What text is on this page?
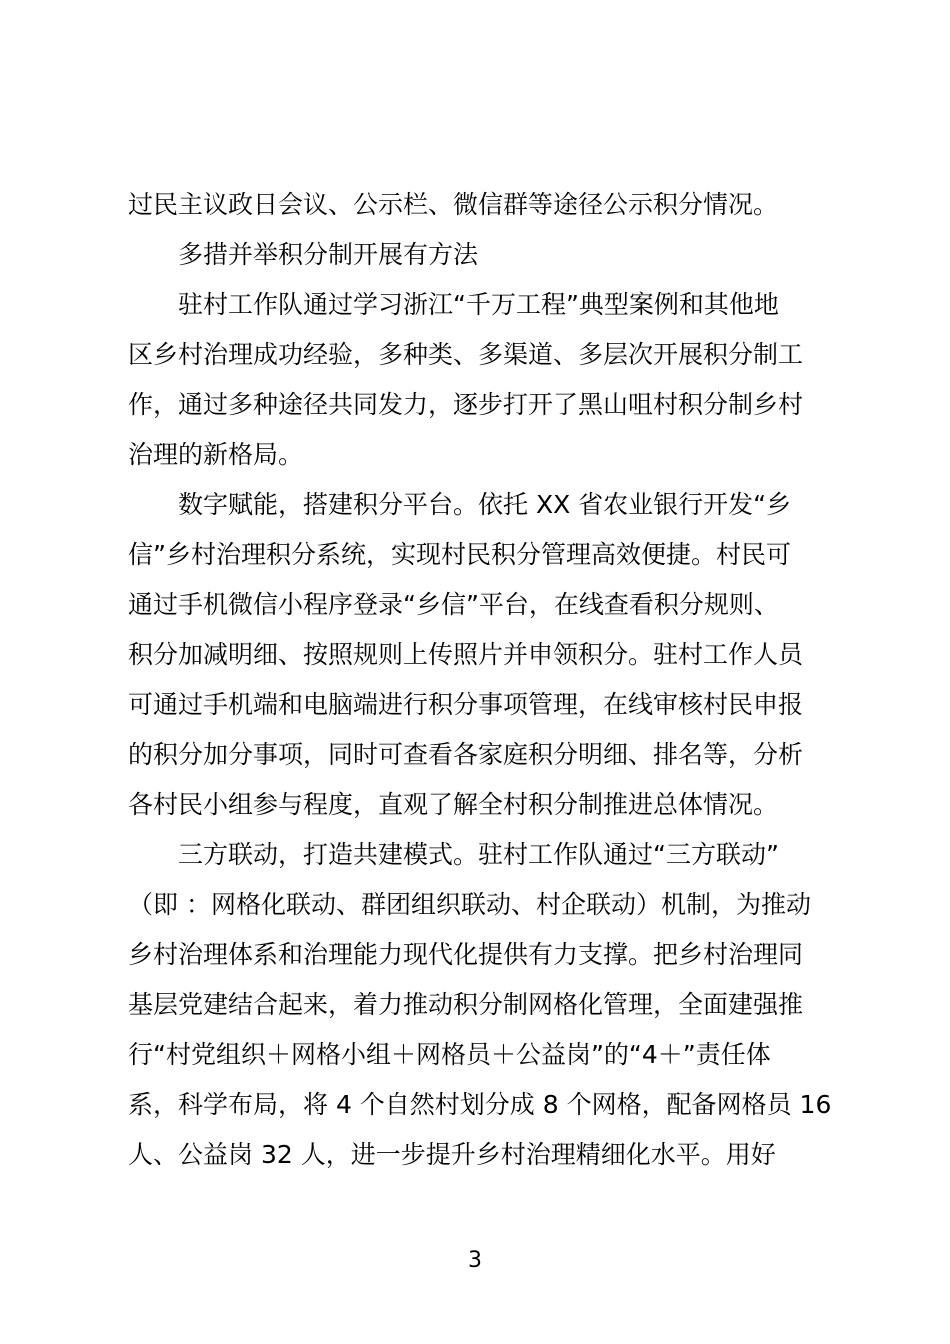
过民主议政日会议、公示栏、微信群等途径公示积分情况。
多措并举积分制开展有方法
驻村工作队通过学习浙江“千万工程”典型案例和其他地
区乡村治理成功经验，多种类、多渠道、多层次开展积分制工
作，通过多种途径共同发力，逐步打开了黑山咀村积分制乡村
治理的新格局。
数字赋能，搭建积分平台。依托 XX 省农业银行开发“乡
信”乡村治理积分系统，实现村民积分管理高效便捷。村民可
通过手机微信小程序登录“乡信”平台，在线查看积分规则、
积分加减明细、按照规则上传照片并申领积分。驻村工作人员
可通过手机端和电脑端进行积分事项管理，在线审核村民申报
的积分加分事项，同时可查看各家庭积分明细、排名等，分析
各村民小组参与程度，直观了解全村积分制推进总体情况。
三方联动，打造共建模式。驻村工作队通过“三方联动”
（即 ：网格化联动、群团组织联动、村企联动）机制，为推动
乡村治理体系和治理能力现代化提供有力支撑。把乡村治理同
基层党建结合起来，着力推动积分制网格化管理，全面建强推
行“村党组织＋网格小组＋网格员＋公益岗”的“4＋”责任体
系，科学布局，将 4 个自然村划分成 8 个网格，配备网格员 16
人、公益岗 32 人，进一步提升乡村治理精细化水平。用好
3
